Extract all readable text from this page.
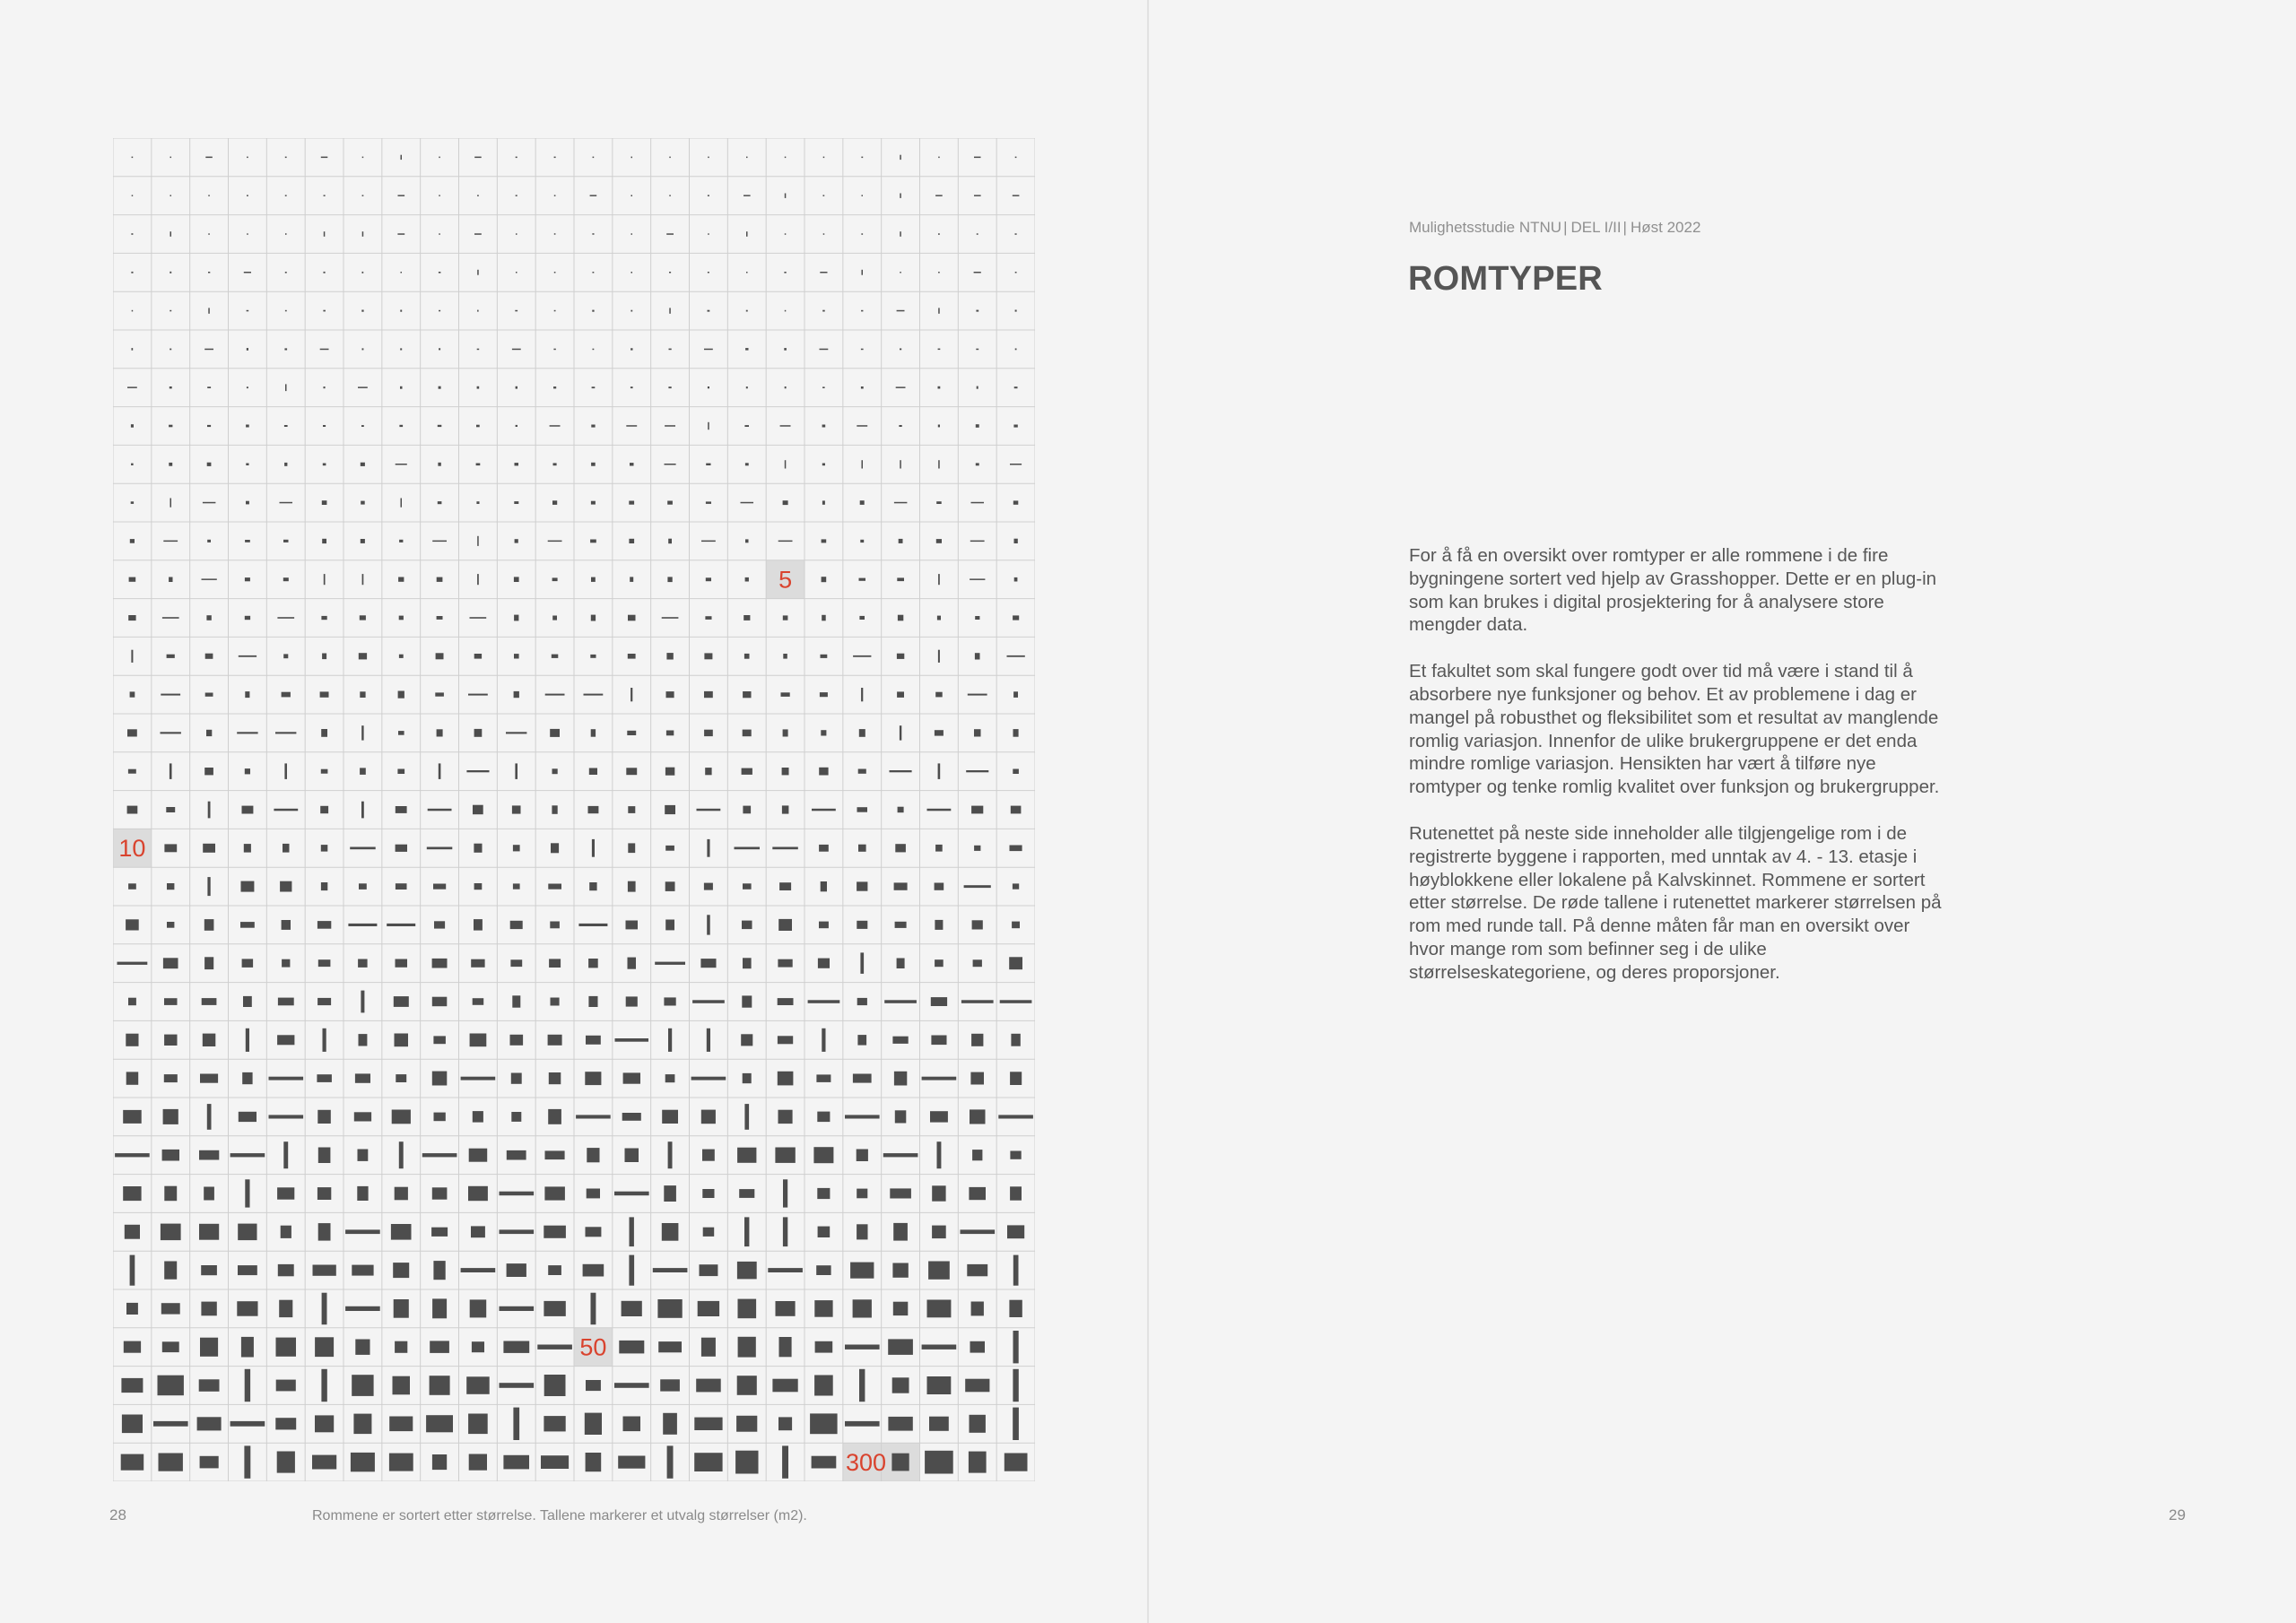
5
10
50
300
28	Rommene er sortert etter størrelse. Tallene markerer et utvalg størrelser (m2).
Mulighetsstudie NTNU | DEL I/II | Høst 2022
ROMTYPER

For å få en oversikt over romtyper er alle rommene i de fire bygningene sortert ved hjelp av Grasshopper. Dette er en plug-in som kan brukes i digital prosjektering for å analysere store mengder data.

Et fakultet som skal fungere godt over tid må være i stand til å absorbere nye funksjoner og behov. Et av problemene i dag er mangel på robusthet og fleksibilitet som et resultat av manglende romlig variasjon. Innenfor de ulike brukergruppene er det enda mindre romlige variasjon. Hensikten har vært å tilføre nye romtyper og tenke romlig kvalitet over funksjon og brukergrupper.

Rutenettet på neste side inneholder alle tilgjengelige rom i de registrerte byggene i rapporten, med unntak av 4. - 13. etasje i høyblokkene eller lokalene på Kalvskinnet. Rommene er sortert etter størrelse. De røde tallene i rutenettet markerer størrelsen på rom med runde tall. På denne måten får man en oversikt over hvor mange rom som befinner seg i de ulike størrelseskategoriene, og deres proporsjoner.

29
